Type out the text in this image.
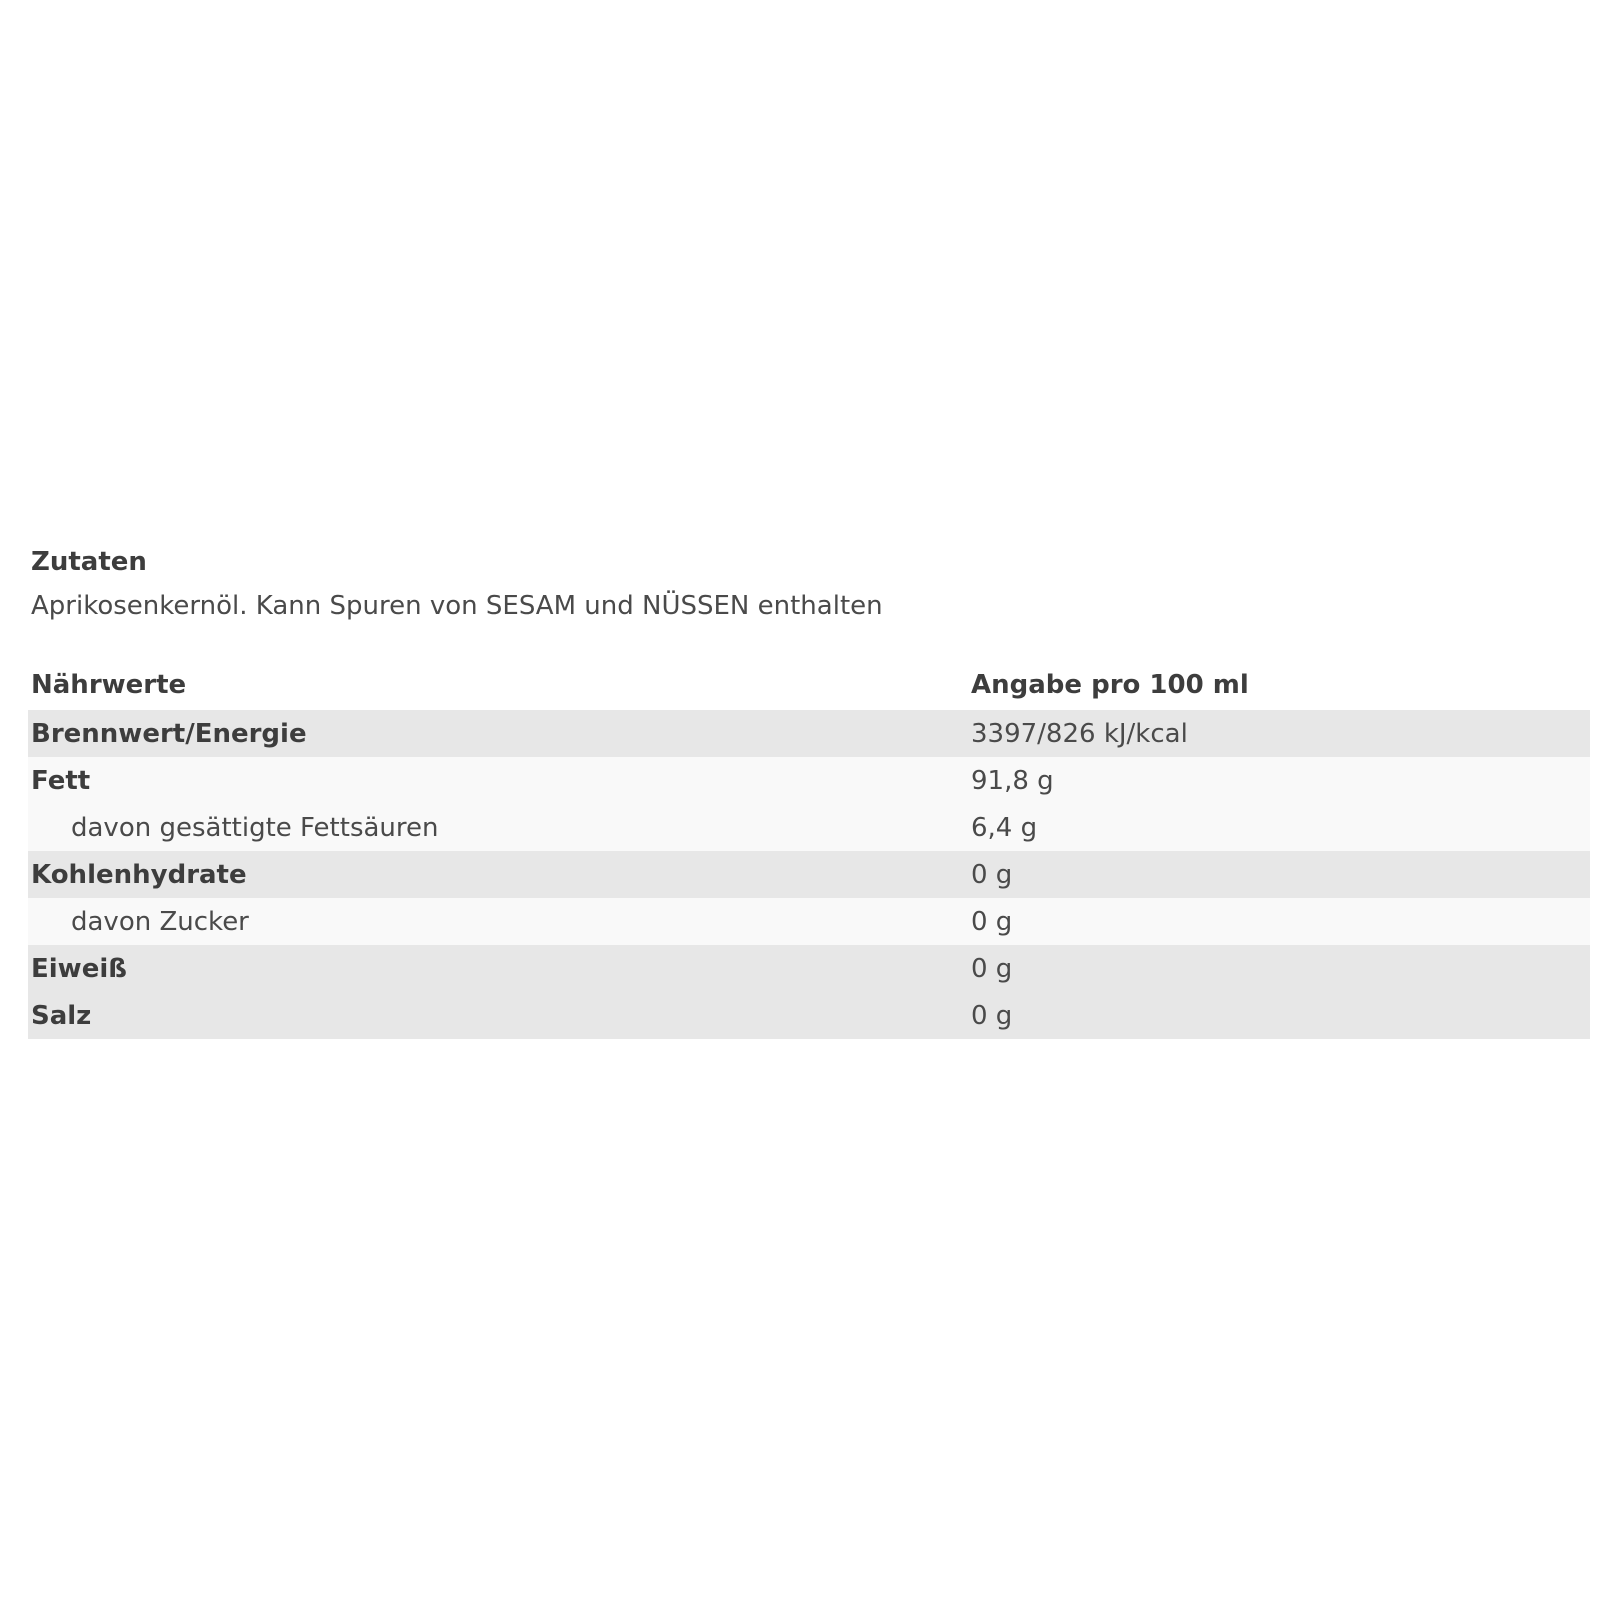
Zutaten

Aprikosenkernöl. Kann Spuren von SESAM und NÜSSEN enthalten

Nährwerte	Angabe pro 100 ml
Brennwert/Energie	3397/826 kJ/kcal
Fett	91,8 g
davon gesättigte Fettsäuren	6,4 g
Kohlenhydrate	0 g
davon Zucker	0 g
Eiweiß	0 g
Salz	0 g
